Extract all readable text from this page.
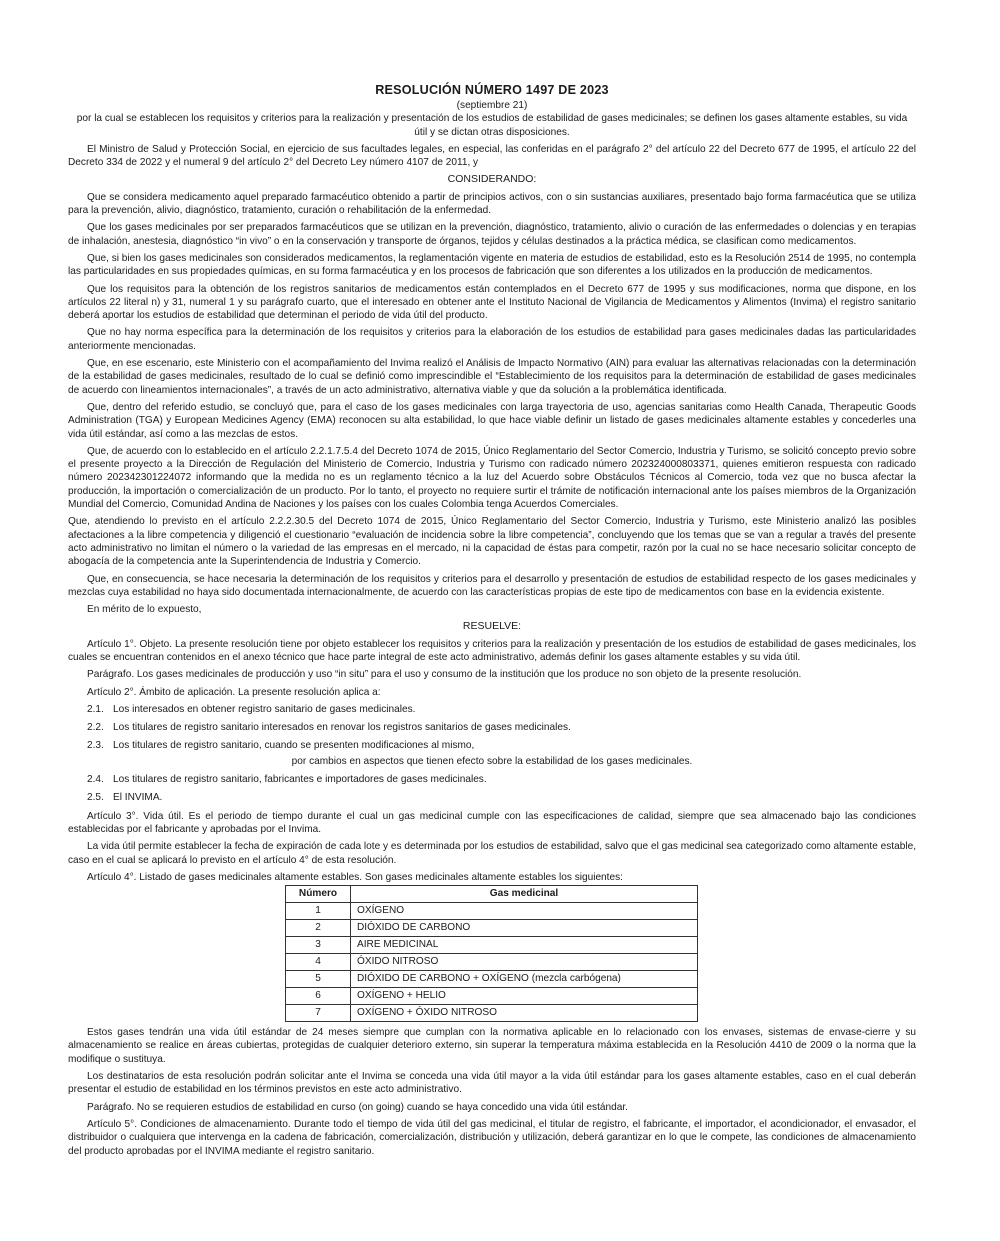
RESOLUCIÓN NÚMERO 1497 DE 2023
(septiembre 21)
por la cual se establecen los requisitos y criterios para la realización y presentación de los estudios de estabilidad de gases medicinales; se definen los gases altamente estables, su vida útil y se dictan otras disposiciones.
El Ministro de Salud y Protección Social, en ejercicio de sus facultades legales, en especial, las conferidas en el parágrafo 2° del artículo 22 del Decreto 677 de 1995, el artículo 22 del Decreto 334 de 2022 y el numeral 9 del artículo 2° del Decreto Ley número 4107 de 2011, y
CONSIDERANDO:
Que se considera medicamento aquel preparado farmacéutico obtenido a partir de principios activos, con o sin sustancias auxiliares, presentado bajo forma farmacéutica que se utiliza para la prevención, alivio, diagnóstico, tratamiento, curación o rehabilitación de la enfermedad.
Que los gases medicinales por ser preparados farmacéuticos que se utilizan en la prevención, diagnóstico, tratamiento, alivio o curación de las enfermedades o dolencias y en terapias de inhalación, anestesia, diagnóstico “in vivo” o en la conservación y transporte de órganos, tejidos y células destinados a la práctica médica, se clasifican como medicamentos.
Que, si bien los gases medicinales son considerados medicamentos, la reglamentación vigente en materia de estudios de estabilidad, esto es la Resolución 2514 de 1995, no contempla las particularidades en sus propiedades químicas, en su forma farmacéutica y en los procesos de fabricación que son diferentes a los utilizados en la producción de medicamentos.
Que los requisitos para la obtención de los registros sanitarios de medicamentos están contemplados en el Decreto 677 de 1995 y sus modificaciones, norma que dispone, en los artículos 22 literal n) y 31, numeral 1 y su parágrafo cuarto, que el interesado en obtener ante el Instituto Nacional de Vigilancia de Medicamentos y Alimentos (Invima) el registro sanitario deberá aportar los estudios de estabilidad que determinan el periodo de vida útil del producto.
Que no hay norma específica para la determinación de los requisitos y criterios para la elaboración de los estudios de estabilidad para gases medicinales dadas las particularidades anteriormente mencionadas.
Que, en ese escenario, este Ministerio con el acompañamiento del Invima realizó el Análisis de Impacto Normativo (AIN) para evaluar las alternativas relacionadas con la determinación de la estabilidad de gases medicinales, resultado de lo cual se definió como imprescindible el “Establecimiento de los requisitos para la determinación de estabilidad de gases medicinales de acuerdo con lineamientos internacionales”, a través de un acto administrativo, alternativa viable y que da solución a la problemática identificada.
Que, dentro del referido estudio, se concluyó que, para el caso de los gases medicinales con larga trayectoria de uso, agencias sanitarias como Health Canada, Therapeutic Goods Administration (TGA) y European Medicines Agency (EMA) reconocen su alta estabilidad, lo que hace viable definir un listado de gases medicinales altamente estables y concederles una vida útil estándar, así como a las mezclas de estos.
Que, de acuerdo con lo establecido en el artículo 2.2.1.7.5.4 del Decreto 1074 de 2015, Único Reglamentario del Sector Comercio, Industria y Turismo, se solicitó concepto previo sobre el presente proyecto a la Dirección de Regulación del Ministerio de Comercio, Industria y Turismo con radicado número 202324000803371, quienes emitieron respuesta con radicado número 202342301224072 informando que la medida no es un reglamento técnico a la luz del Acuerdo sobre Obstáculos Técnicos al Comercio, toda vez que no busca afectar la producción, la importación o comercialización de un producto. Por lo tanto, el proyecto no requiere surtir el trámite de notificación internacional ante los países miembros de la Organización Mundial del Comercio, Comunidad Andina de Naciones y los países con los cuales Colombia tenga Acuerdos Comerciales.
Que, atendiendo lo previsto en el artículo 2.2.2.30.5 del Decreto 1074 de 2015, Único Reglamentario del Sector Comercio, Industria y Turismo, este Ministerio analizó las posibles afectaciones a la libre competencia y diligenció el cuestionario “evaluación de incidencia sobre la libre competencia”, concluyendo que los temas que se van a regular a través del presente acto administrativo no limitan el número o la variedad de las empresas en el mercado, ni la capacidad de éstas para competir, razón por la cual no se hace necesario solicitar concepto de abogacía de la competencia ante la Superintendencia de Industria y Comercio.
Que, en consecuencia, se hace necesaria la determinación de los requisitos y criterios para el desarrollo y presentación de estudios de estabilidad respecto de los gases medicinales y mezclas cuya estabilidad no haya sido documentada internacionalmente, de acuerdo con las características propias de este tipo de medicamentos con base en la evidencia existente.
En mérito de lo expuesto,
RESUELVE:
Artículo 1°. Objeto. La presente resolución tiene por objeto establecer los requisitos y criterios para la realización y presentación de los estudios de estabilidad de gases medicinales, los cuales se encuentran contenidos en el anexo técnico que hace parte integral de este acto administrativo, además definir los gases altamente estables y su vida útil.
Parágrafo. Los gases medicinales de producción y uso “in situ” para el uso y consumo de la institución que los produce no son objeto de la presente resolución.
Artículo 2°. Ámbito de aplicación. La presente resolución aplica a:
2.1. Los interesados en obtener registro sanitario de gases medicinales.
2.2. Los titulares de registro sanitario interesados en renovar los registros sanitarios de gases medicinales.
2.3. Los titulares de registro sanitario, cuando se presenten modificaciones al mismo,
por cambios en aspectos que tienen efecto sobre la estabilidad de los gases medicinales.
2.4. Los titulares de registro sanitario, fabricantes e importadores de gases medicinales.
2.5. El INVIMA.
Artículo 3°. Vida útil. Es el periodo de tiempo durante el cual un gas medicinal cumple con las especificaciones de calidad, siempre que sea almacenado bajo las condiciones establecidas por el fabricante y aprobadas por el Invima.
La vida útil permite establecer la fecha de expiración de cada lote y es determinada por los estudios de estabilidad, salvo que el gas medicinal sea categorizado como altamente estable, caso en el cual se aplicará lo previsto en el artículo 4° de esta resolución.
Artículo 4°. Listado de gases medicinales altamente estables. Son gases medicinales altamente estables los siguientes:
Número	Gas medicinal
1	OXÍGENO
2	DIÓXIDO DE CARBONO
3	AIRE MEDICINAL
4	ÓXIDO NITROSO
5	DIÓXIDO DE CARBONO + OXÍGENO (mezcla carbógena)
6	OXÍGENO + HELIO
7	OXÍGENO + ÓXIDO NITROSO
Estos gases tendrán una vida útil estándar de 24 meses siempre que cumplan con la normativa aplicable en lo relacionado con los envases, sistemas de envase-cierre y su almacenamiento se realice en áreas cubiertas, protegidas de cualquier deterioro externo, sin superar la temperatura máxima establecida en la Resolución 4410 de 2009 o la norma que la modifique o sustituya.
Los destinatarios de esta resolución podrán solicitar ante el Invima se conceda una vida útil mayor a la vida útil estándar para los gases altamente estables, caso en el cual deberán presentar el estudio de estabilidad en los términos previstos en este acto administrativo.
Parágrafo. No se requieren estudios de estabilidad en curso (on going) cuando se haya concedido una vida útil estándar.
Artículo 5°. Condiciones de almacenamiento. Durante todo el tiempo de vida útil del gas medicinal, el titular de registro, el fabricante, el importador, el acondicionador, el envasador, el distribuidor o cualquiera que intervenga en la cadena de fabricación, comercialización, distribución y utilización, deberá garantizar en lo que le compete, las condiciones de almacenamiento del producto aprobadas por el INVIMA mediante el registro sanitario.
